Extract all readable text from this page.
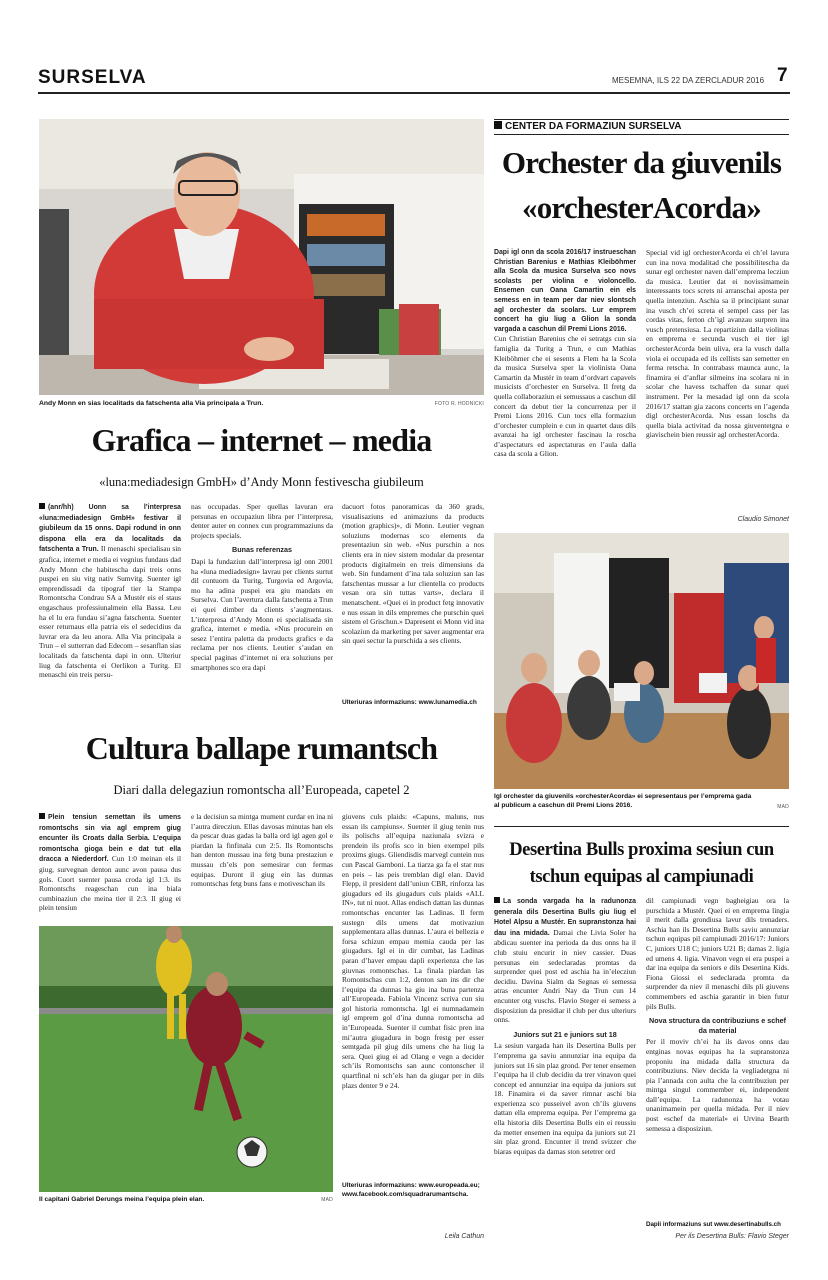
SURSELVA	MESEMNA, ILS 22 DA ZERCLADUR 2016 7
Andy Monn en sias localitads da fatschenta alla Via principala a Trun.	FOTO R. HODNICKI
Grafica – internet – media
«luna:mediadesign GmbH» d’Andy Monn festivescha giubileum
(anr/hh) Uonn sa l’interpresa «luna:mediadesign GmbH» festivar il giubileum da 15 onns. Dapi rodund in onn dispona ella era da localitads da fatschenta a Trun. Il menaschi specialisau sin grafica, internet e media ei vegnius fundaus dad Andy Monn che habitescha dapi treis onns puspei en siu vitg nativ Sumvitg. Suenter igl emprendissadi da tipograf tier la Stampa Romontscha Condrau SA a Mustér eis el staus engaschaus professiunalmein ella Bassa. Leu ha el lu era fundau si’agna fatschenta. Suenter esser returnaus ella patria eis el sedecidius da luvrar era da leu anora. Alla Via principala a Trun – el sutterran dad Edecom – sesanflan sias localitads da fatschenta dapi in onn. Ulteriur liug da fatschenta ei Oerlikon a Turitg. El menaschi ein treis persu-

nas occupadas. Sper quellas lavuran era persunas en occupaziun libra per l’interpresa, denter auter en connex cun programmaziuns da projects specials.

Bunas referenzas

Dapi la fundaziun dall’interpresa igl onn 2001 ha «luna mediadesign» lavrau per clients surtut dil contuorn da Turitg, Turgovia ed Argovia, mo ha adina puspei era giu mandats en Surselva. Cun l’avertura dalla fatschenta a Trun ei quei dimber da clients s’augmentaus. L’interpresa d’Andy Monn ei specialisada sin grafica, internet e media. «Nus procurein en sesez l’entira paletta da products grafics e da reclama per nos clients. Leutier s’audan en special paginas d’internet ni era soluziuns per smartphones sco era dapi

dacuort fotos panoramicas da 360 grads, visualisaziuns ed animaziuns da products (motion graphics)», di Monn. Leutier vegnan soluziuns modernas sco elements da presentaziun sin web. «Nus purschin a nos clients era in niev sistem modular da presentar products digitalmein en treis dimensiuns da web. Sin fundament d’ina tala soluziun san las fatschentas mussar a lur clientella co products vesan ora sin tuttas varts», declara il menatschent. «Quei ei in product fetg innovativ e nus essan in dils empremes che purschin quei sistem el Grischun.» Dapresent ei Monn vid ina scolaziun da marketing per saver augmentar era sin quei sectur la purschida a ses clients.

Ulteriuras informaziuns: www.lunamedia.ch
CENTER DA FORMAZIUN SURSELVA
Orchester da giuvenils
«orchesterAcorda»

Dapi igl onn da scola 2016/17 instrueschan Christian Barenius e Mathias Kleiböhmer alla Scola da musica Surselva sco novs scolasts per violina e violoncello. Ensemen cun Oana Camartin ein els semess en in team per dar niev slontsch agl orchester da scolars. Lur emprem concert ha giu liug a Glion la sonda vargada a caschun dil Premi Lions 2016.

Cun Christian Barenius che ei setratgs cun sia famiglia da Turitg a Trun, e cun Mathias Kleiböhmer che ei sesents a Flem ha la Scola da musica Surselva sper la violinista Oana Camartin da Mustér in team d’ordvart capavels musicists d’orchester en Surselva. Il fretg da quella collaboraziun ei semussaus a caschun dil concert da debut tier la concurrenza per il Premi Lions 2016. Cun tocs ella formaziun d’orchester cumplein e cun in quartet daus dils avanzai ha igl orchester fascinau la roscha d’aspectaturs ed aspectaturas en l’aula dalla casa da scola a Glion.

Special vid igl orchesterAcorda ei ch’el lavura cun ina nova modalitad che possibilitescha da sunar egl orchester naven dall’emprema lecziun da musica. Leutier dat ei novissimamein interessants tocs screts ni arranschai aposta per quella intenziun. Aschia sa il principiant sunar ina vusch ch’ei screta el sempel cass per las cordas vitas, ferton ch’igl avanzau surpren ina vusch pretensiusa. La repartiziun dalla violinas en emprema e secunda vusch ei tier igl orchesterAcorda bein uliva, era la vusch dalla viola ei occupada ed ils cellists san semetter en ferma retscha. In contrabass maunca aunc, la finamira ei d’anflar silmeins ina scolara ni in scolar che havess tschaffen da sunar quei instrument. Per la mesadad igl onn da scola 2016/17 stattan gia zacons concerts en l’agenda digl orchesterAcorda. Nus essan loschs da quella biala activitad da nossa giuventetgna e giavischein bien reussir agl orchesterAcorda.

Claudio Simonet
Igl orchester da giuvenils «orchesterAcorda» ei sepresentaus per l’emprema gada al publicum a caschun dil Premi Lions 2016.	MAD
Cultura ballape rumantsch
Diari dalla delegaziun romontscha all’Europeada, capetel 2
Plein tensiun semettan ils umens romontschs sin via agl emprem giug encunter ils Croats dalla Serbia. L’equipa romontscha gioga bein e dat tut ella dracca a Niederdorf. Cun 1:0 meinan els il giug, survegnan denton aunc avon pausa dus gols. Cuort suenter pausa croda igl 1:3. ils Romontschs reageschan cun ina biala cumbinaziun che meina tier il 2:3. Il giug ei plein tensiun

e la decisiun sa mintga mument curdar en ina ni l’autra direcziun. Ellas davosas minutas han els da pescar duas gadas la balla ord igl agen gol e piardan la finfinala cun 2:5. Ils Romontschs han denton mussau ina fetg buna prestaziun e mussau ch’els pon semesirar cun fermas equipas. Duront il giug ein las dunnas romontschas fetg buns fans e motiveschan ils

giuvens culs plaids: «Capuns, maluns, nus essan ils campiuns». Suenter il giug tenin nus ils polischs all’equipa naziunala svizra e prendein ils profis sco in bien exempel pils proxims giugs. Gliendisdis marvegl cuntein nus cun Pascal Gamboni. La tiarza ga fa el star nus en peis – las peis tremblan digl elan. David Flepp, il president dall’uniun CBR, rinforza las giugadurs ed ils giugadurs culs plaids «ALL IN», tut ni nuot. Allas endisch dattan las dunnas romontschas encunter las Ladinas. Il ferm sustegn dils umens dat motivaziun supplementara allas dunnas. L’aura ei bellezia e forsa schizun empau memia cauda per las giugadurs. Igl ei in dir cumbat, las Ladinas paran d’haver empau dapli experienza che las giuvnas romontschas. La finala piardan las Romontschas cun 1:2, denton san ins dir che l’equipa da dunnas ha giu ina buna partenza all’Europeada. Fabiola Vincenz scriva cun siu gol historia romontscha. Igl ei numnadamein igl emprem gol d’ina dunna romontscha ad in’Europeada. Suenter il cumbat fisic pren ina mi’autra giugadura in bogn frestg per esser semtgada pil giug dils umens che ha liug la sera. Quei giug ei ad Olang e vegn a decider sch’ils Romontschs san aunc contonscher il quartfinal ni sch’els han da giugar per in dils plazs denter 9 e 24.

Ulteriuras informaziuns: www.europeada.eu; www.facebook.com/squadrarumantscha.
Leila Cathun
Il capitani Gabriel Derungs meina l’equipa plein elan.	MAD
Desertina Bulls proxima sesiun cun
tschun equipas al campiunadi
La sonda vargada ha la radunonza generala dils Desertina Bulls giu liug el Hotel Alpsu a Mustér. En supranstonza hai dau ina midada. Damai che Livia Soler ha abdicau suenter ina perioda da dus onns ha il club stuiu encurir in niev cassier. Duas persunas ein sedeclaradas promtas da surprender quei post ed aschia ha in’elecziun decidiu. Davina Sialm da Segnas ei semessa atras encunter Andri Nay da Trun cun 14 encunter otg vuschs. Flavio Steger ei semess a disposiziun da presidiar il club per dus ulteriurs onns.
Juniors sut 21 e juniors sut 18

La sesiun vargada han ils Desertina Bulls per l’emprema ga saviu annunziar ina equipa da juniors sut 16 sin plaz grond. Per tener ensemen l’equipa ha il club decidiu da trer vinavon quei concept ed annunziar ina equipa da juniors sut 18. Finamira ei da saver rimnar aschi bia experienza sco pusseivel avon ch’ils giuvens dattan ella emprema equipa. Per l’emprema ga ella historia dils Desertina Bulls ein ei reussiu da metter ensemen ina equipa da juniors sut 21 sin plaz grond. Encunter il trend svizzer che biaras equipas da damas ston setetrer ord

dil campiunadi vegn bagheigiau ora la purschida a Mustér. Quei ei en emprema lingia il merit dalla grondiusa lavur dils trenaders. Aschia han ils Desertina Bulls saviu annunziar tschun equipas pil campiunadi 2016/17: Juniors C, juniors U18 C; juniors U21 B; damas 2. ligia ed umens 4. ligia. Vinavon vegn ei era puspei a dar ina equipa da seniors e dils Desertina Kids. Fiona Giossi ei sedeclarada promta da surprender da niev il menaschi dils pli giuvens commembers ed aschia garantir in bien futur pils Bulls.

Nova structura da contribuziuns e schef da material

Per il moviv ch’ei ha ils davos onns dau entginas novas equipas ha la supranstonza proponiu ina midada dalla structura da contribuziuns. Niev decida la vegliadetgna ni pia l’annada con aulta che la contribuziun per mintga singul commember ei, independent dall’equipa. La radunonza ha votau unanimamein per quella midada. Per il niev post «schef da material» ei Urvina Bearth semessa a disposiziun.

Dapli informaziuns sut www.desertinabulls.ch
Per ils Desertina Bulls: Flavio Steger
